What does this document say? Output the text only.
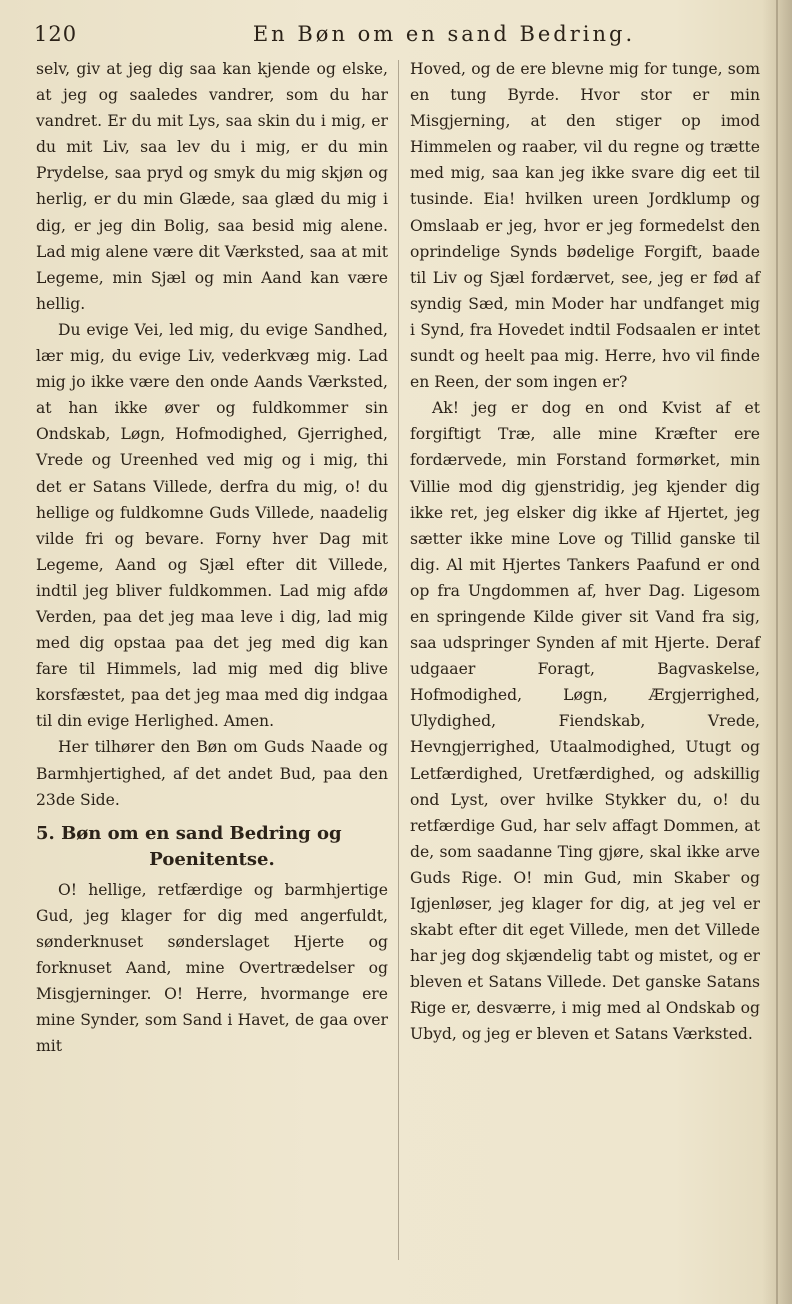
120	En Bøn om en sand Bedring.

selv, giv at jeg dig saa kan kjende og elske, at jeg og saaledes vandrer, som du har vandret. Er du mit Lys, saa skin du i mig, er du mit Liv, saa lev du i mig, er du min Prydelse, saa pryd og smyk du mig skjøn og herlig, er du min Glæde, saa glæd du mig i dig, er jeg din Bolig, saa besid mig alene. Lad mig alene være dit Værksted, saa at mit Legeme, min Sjæl og min Aand kan være hellig.

Du evige Vei, led mig, du evige Sandhed, lær mig, du evige Liv, vederkvæg mig. Lad mig jo ikke være den onde Aands Værksted, at han ikke øver og fuldkommer sin Ondskab, Løgn, Hofmodighed, Gjerrighed, Vrede og Ureenhed ved mig og i mig, thi det er Satans Villede, derfra du mig, o! du hellige og fuldkomne Guds Villede, naadelig vilde fri og bevare. Forny hver Dag mit Legeme, Aand og Sjæl efter dit Villede, indtil jeg bliver fuldkommen. Lad mig afdø Verden, paa det jeg maa leve i dig, lad mig med dig opstaa paa det jeg med dig kan fare til Himmels, lad mig med dig blive korsfæstet, paa det jeg maa med dig indgaa til din evige Herlighed. Amen.

Her tilhører den Bøn om Guds Naade og Barmhjertighed, af det andet Bud, paa den 23de Side.

5. Bøn om en sand Bedring og
Poenitentse.

O! hellige, retfærdige og barmhjertige Gud, jeg klager for dig med angerfuldt, sønderknuset sønderslaget Hjerte og forknuset Aand, mine Overtrædelser og Misgjerninger. O! Herre, hvormange ere mine Synder, som Sand i Havet, de gaa over mit

Hoved, og de ere blevne mig for tunge, som en tung Byrde. Hvor stor er min Misgjerning, at den stiger op imod Himmelen og raaber, vil du regne og trætte med mig, saa kan jeg ikke svare dig eet til tusinde. Eia! hvilken ureen Jordklump og Omslaab er jeg, hvor er jeg formedelst den oprindelige Synds bødelige Forgift, baade til Liv og Sjæl fordærvet, see, jeg er fød af syndig Sæd, min Moder har undfanget mig i Synd, fra Hovedet indtil Fodsaalen er intet sundt og heelt paa mig. Herre, hvo vil finde en Reen, der som ingen er?

Ak! jeg er dog en ond Kvist af et forgiftigt Træ, alle mine Kræfter ere fordærvede, min Forstand formørket, min Villie mod dig gjenstridig, jeg kjender dig ikke ret, jeg elsker dig ikke af Hjertet, jeg sætter ikke mine Love og Tillid ganske til dig. Al mit Hjertes Tankers Paafund er ond op fra Ungdommen af, hver Dag. Ligesom en springende Kilde giver sit Vand fra sig, saa udspringer Synden af mit Hjerte. Deraf udgaaer Foragt, Bagvaskelse, Hofmodighed, Løgn, Ærgjerrighed, Ulydighed, Fiendskab, Vrede, Hevngjerrighed, Utaalmodighed, Utugt og Letfærdighed, Uretfærdighed, og adskillig ond Lyst, over hvilke Stykker du, o! du retfærdige Gud, har selv affagt Dommen, at de, som saadanne Ting gjøre, skal ikke arve Guds Rige. O! min Gud, min Skaber og Igjenløser, jeg klager for dig, at jeg vel er skabt efter dit eget Villede, men det Villede har jeg dog skjændelig tabt og mistet, og er bleven et Satans Villede. Det ganske Satans Rige er, desværre, i mig med al Ondskab og Ubyd, og jeg er bleven et Satans Værksted.
